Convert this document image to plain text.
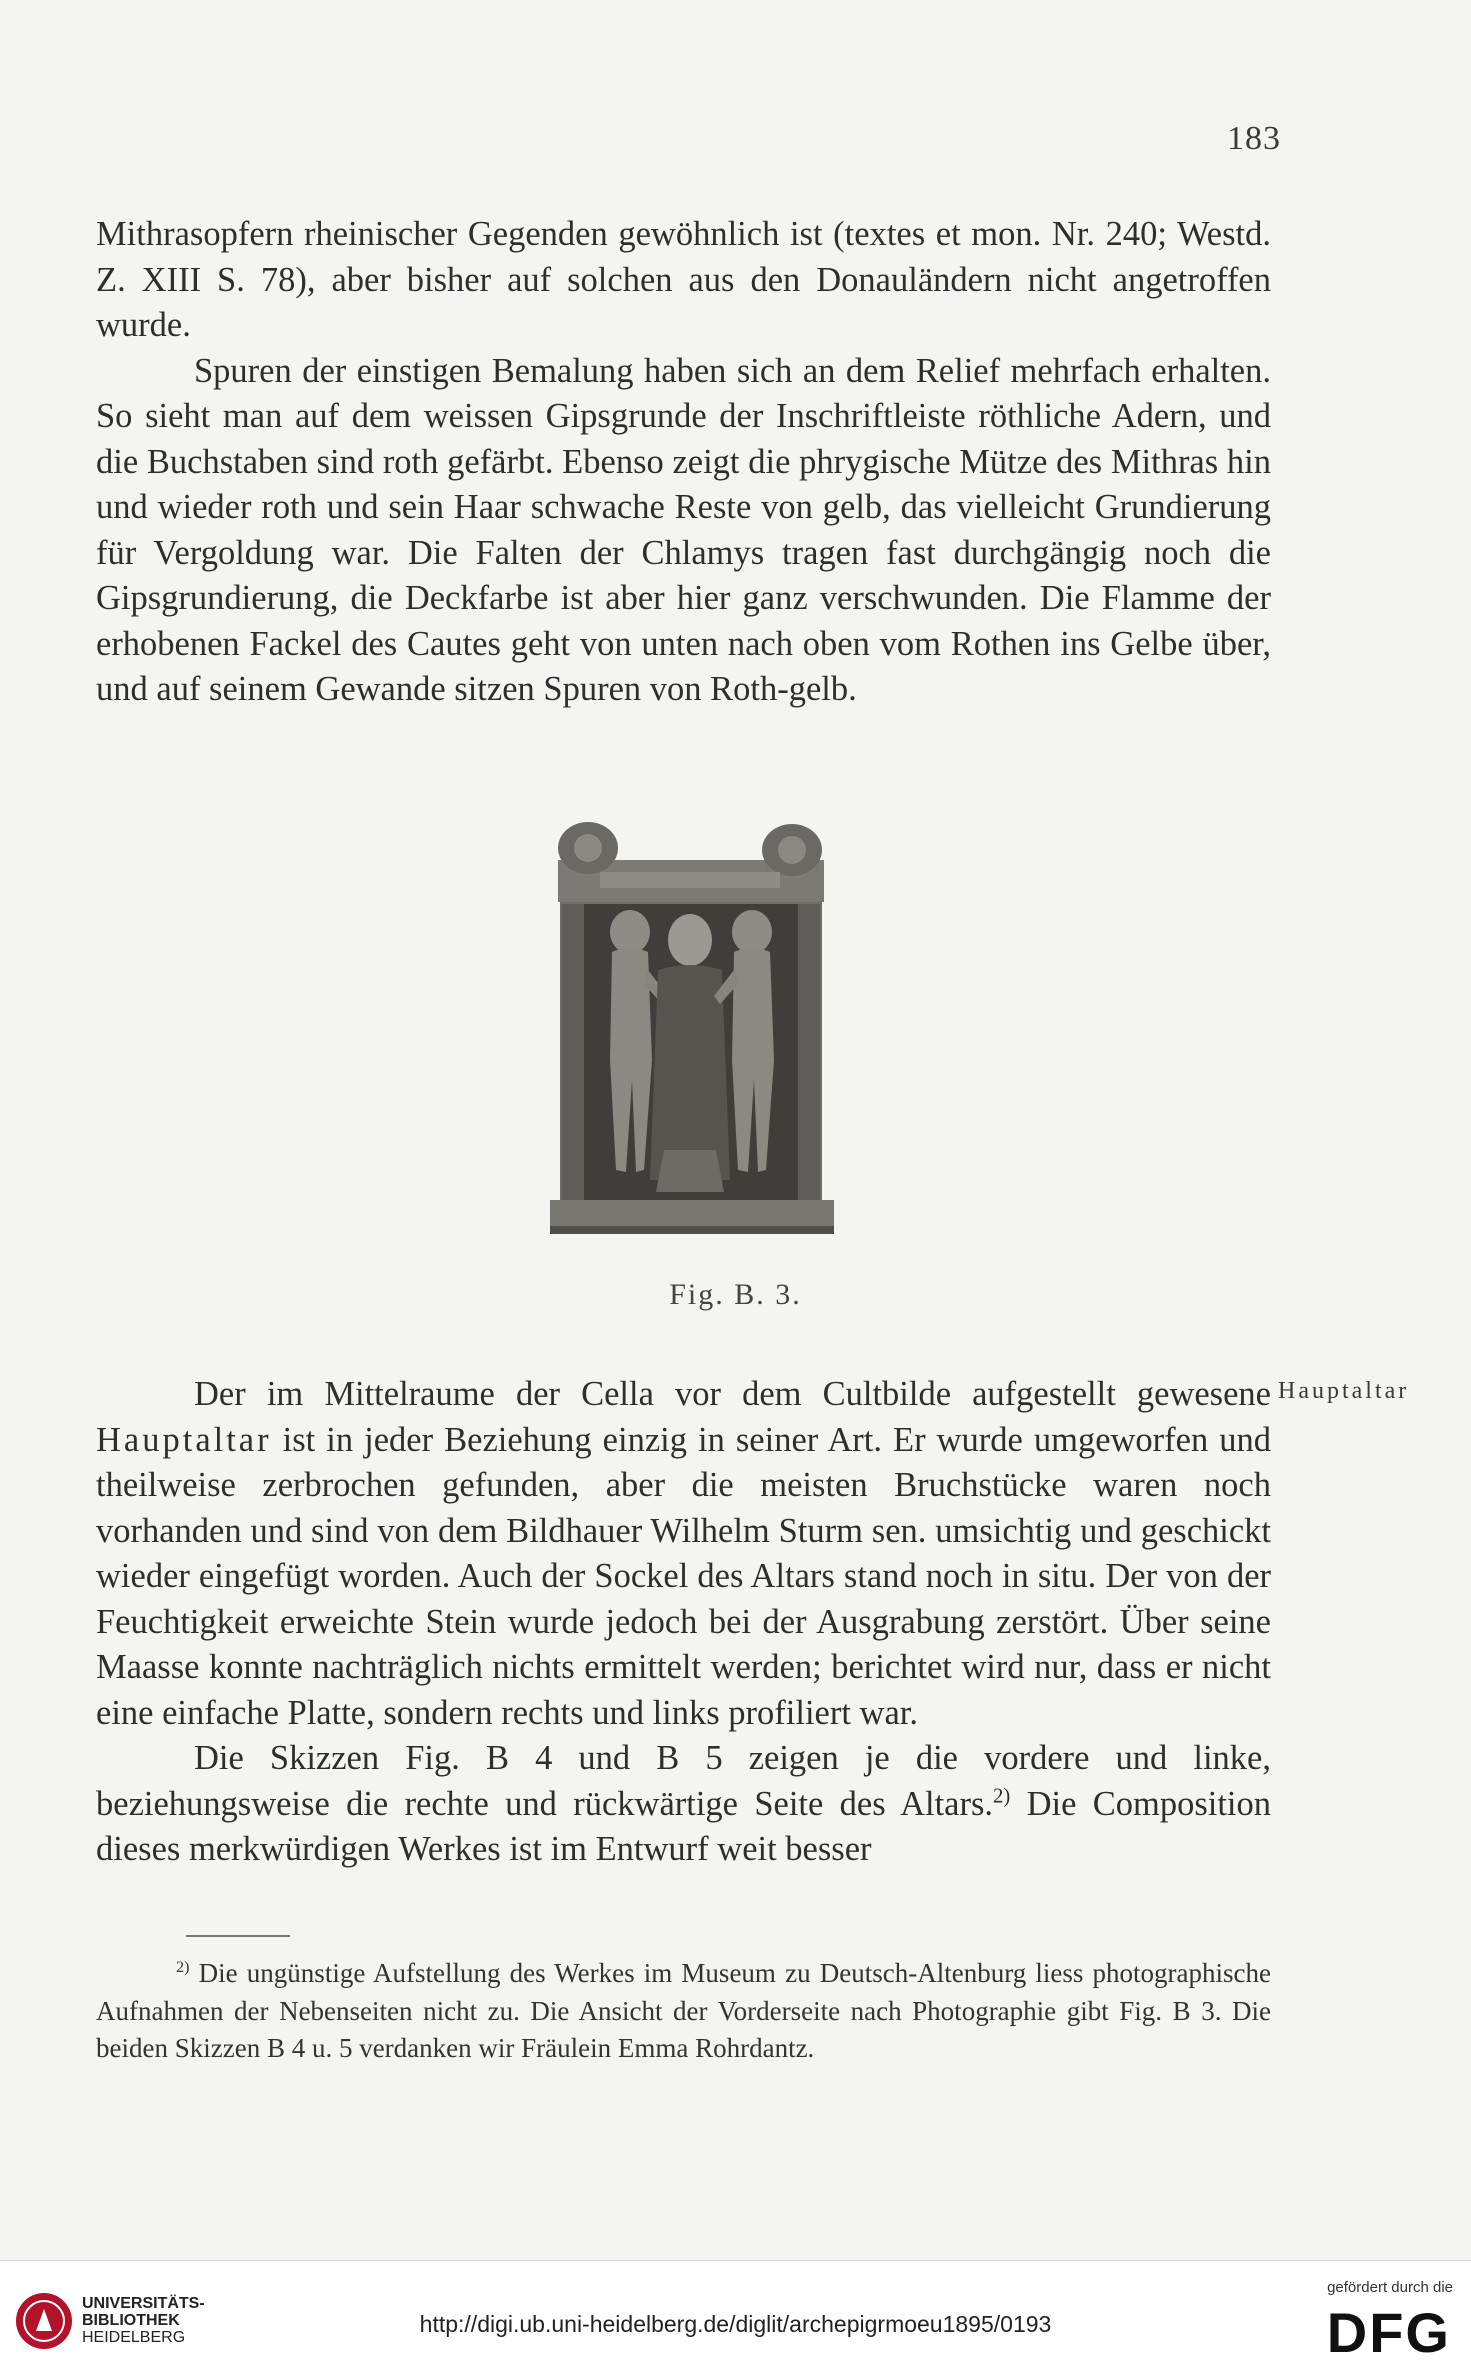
183

Mithrasopfern rheinischer Gegenden gewöhnlich ist (textes et mon. Nr. 240; Westd. Z. XIII S. 78), aber bisher auf solchen aus den Donauländern nicht angetroffen wurde.

Spuren der einstigen Bemalung haben sich an dem Relief mehrfach erhalten. So sieht man auf dem weissen Gipsgrunde der Inschriftleiste röthliche Adern, und die Buchstaben sind roth gefärbt. Ebenso zeigt die phrygische Mütze des Mithras hin und wieder roth und sein Haar schwache Reste von gelb, das vielleicht Grundierung für Vergoldung war. Die Falten der Chlamys tragen fast durchgängig noch die Gipsgrundierung, die Deckfarbe ist aber hier ganz verschwunden. Die Flamme der erhobenen Fackel des Cautes geht von unten nach oben vom Rothen ins Gelbe über, und auf seinem Gewande sitzen Spuren von Roth-gelb.

Fig. B. 3.
Hauptaltar

Der im Mittelraume der Cella vor dem Cultbilde aufgestellt gewesene Hauptaltar ist in jeder Beziehung einzig in seiner Art. Er wurde umgeworfen und theilweise zerbrochen gefunden, aber die meisten Bruchstücke waren noch vorhanden und sind von dem Bildhauer Wilhelm Sturm sen. umsichtig und geschickt wieder eingefügt worden. Auch der Sockel des Altars stand noch in situ. Der von der Feuchtigkeit erweichte Stein wurde jedoch bei der Ausgrabung zerstört. Über seine Maasse konnte nachträglich nichts ermittelt werden; berichtet wird nur, dass er nicht eine einfache Platte, sondern rechts und links profiliert war.

Die Skizzen Fig. B 4 und B 5 zeigen je die vordere und linke, beziehungsweise die rechte und rückwärtige Seite des Altars.$^{2)}$ Die Composition dieses merkwürdigen Werkes ist im Entwurf weit besser

$^{2)}$ Die ungünstige Aufstellung des Werkes im Museum zu Deutsch-Altenburg liess photographische Aufnahmen der Nebenseiten nicht zu. Die Ansicht der Vorderseite nach Photographie gibt Fig. B 3. Die beiden Skizzen B 4 u. 5 verdanken wir Fräulein Emma Rohrdantz.

UNIVERSITÄTS-
BIBLIOTHEK
HEIDELBERG
http://digi.ub.uni-heidelberg.de/diglit/archepigrmoeu1895/0193
gefördert durch die
DFG
